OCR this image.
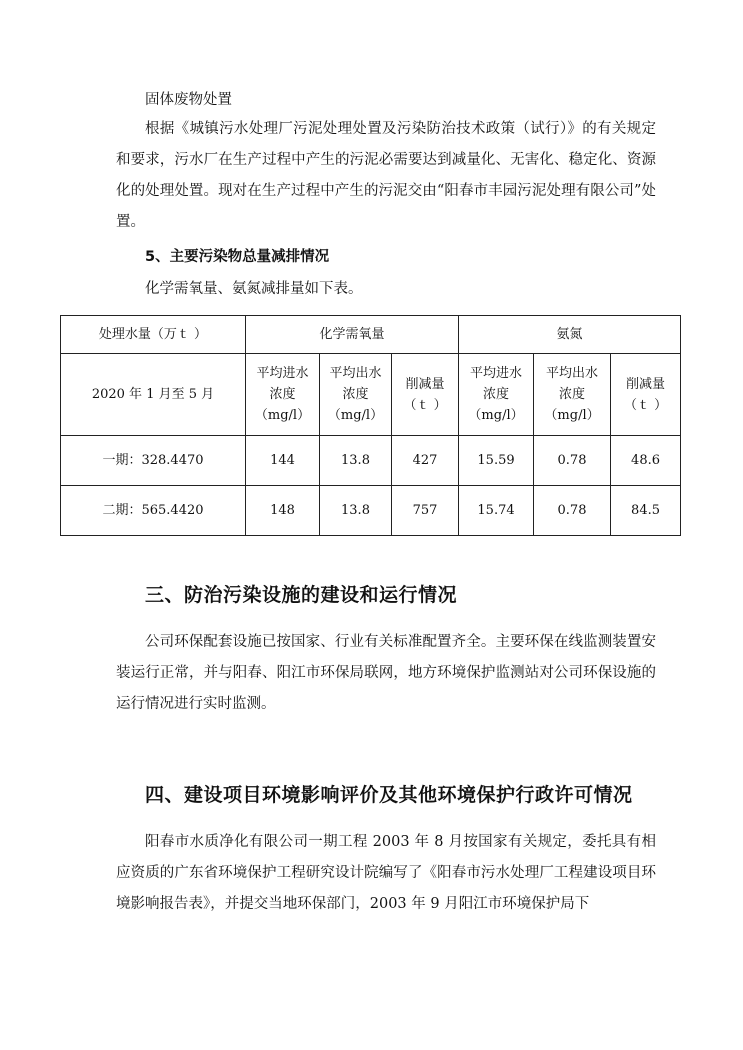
固体废物处置

根据《城镇污水处理厂污泥处理处置及污染防治技术政策（试行）》的有关规定和要求，污水厂在生产过程中产生的污泥必需要达到减量化、无害化、稳定化、资源化的处理处置。现对在生产过程中产生的污泥交由“阳春市丰园污泥处理有限公司”处置。

5、主要污染物总量减排情况

化学需氧量、氨氮减排量如下表。

处理水量（万ｔ ）	化学需氧量			氨氮		
2020 年 1 月至 5 月	平均进水
浓度
（mg/l）	平均出水
浓度
（mg/l）	削减量
（ｔ ）	平均进水
浓度
（mg/l）	平均出水
浓度
（mg/l）	削减量
（ｔ ）

一期：328.4470	144	13.8	427	15.59	0.78	48.6
二期：565.4420	148	13.8	757	15.74	0.78	84.5
三、防治污染设施的建设和运行情况

公司环保配套设施已按国家、行业有关标准配置齐全。主要环保在线监测装置安装运行正常，并与阳春、阳江市环保局联网，地方环境保护监测站对公司环保设施的运行情况进行实时监测。

四、建设项目环境影响评价及其他环境保护行政许可情况

阳春市水质净化有限公司一期工程 2003 年 8 月按国家有关规定，委托具有相应资质的广东省环境保护工程研究设计院编写了《阳春市污水处理厂工程建设项目环境影响报告表》，并提交当地环保部门，2003 年 9 月阳江市环境保护局下
